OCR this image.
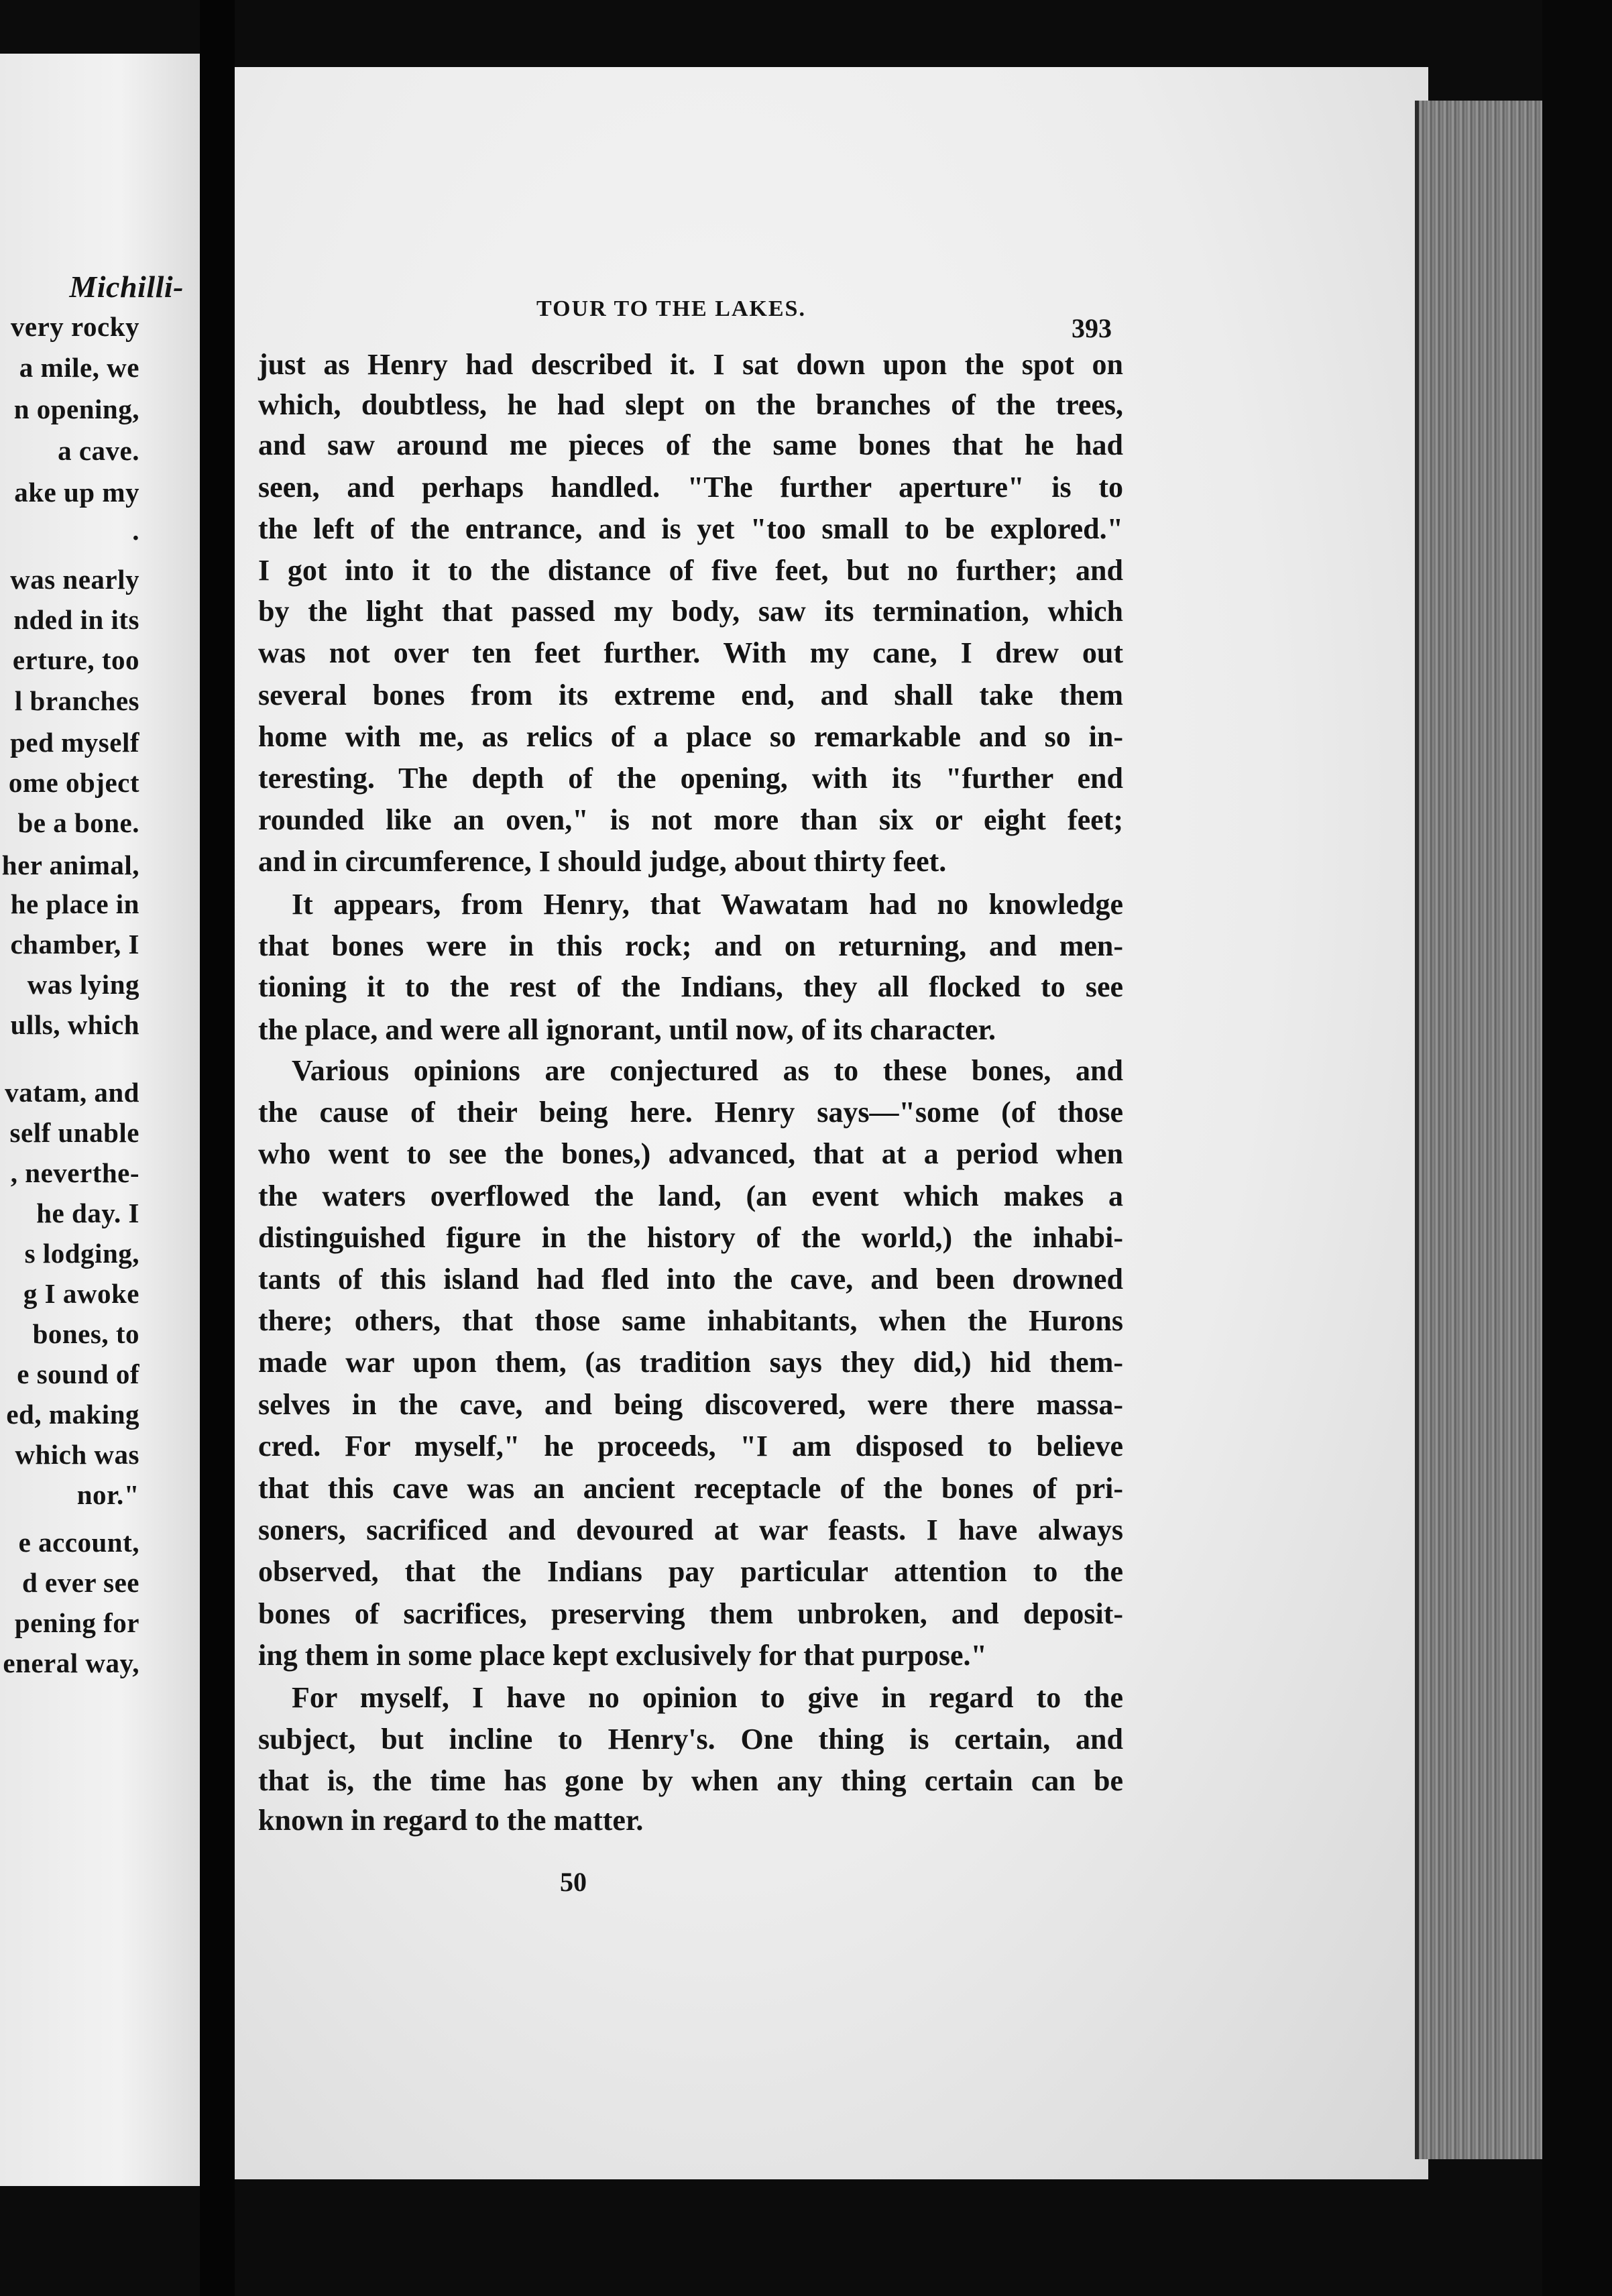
Michilli-
very rocky
a mile, we
n opening,
a cave.
ake up my
.
was nearly
nded in its
erture, too
l branches
ped myself
ome object
be a bone.
her animal,
he place in
chamber, I
was lying
ulls, which
vatam, and
self unable
, neverthe-
he day. I
s lodging,
g I awoke
bones, to
e sound of
ed, making
which was
nor."
e account,
d ever see
pening for
eneral way,
TOUR TO THE LAKES.
393
just as Henry had described it. I sat down upon the spot on
which, doubtless, he had slept on the branches of the trees,
and saw around me pieces of the same bones that he had
seen, and perhaps handled. "The further aperture" is to
the left of the entrance, and is yet "too small to be explored."
I got into it to the distance of five feet, but no further; and
by the light that passed my body, saw its termination, which
was not over ten feet further. With my cane, I drew out
several bones from its extreme end, and shall take them
home with me, as relics of a place so remarkable and so in-
teresting. The depth of the opening, with its "further end
rounded like an oven," is not more than six or eight feet;
and in circumference, I should judge, about thirty feet.
It appears, from Henry, that Wawatam had no knowledge
that bones were in this rock; and on returning, and men-
tioning it to the rest of the Indians, they all flocked to see
the place, and were all ignorant, until now, of its character.
Various opinions are conjectured as to these bones, and
the cause of their being here. Henry says—"some (of those
who went to see the bones,) advanced, that at a period when
the waters overflowed the land, (an event which makes a
distinguished figure in the history of the world,) the inhabi-
tants of this island had fled into the cave, and been drowned
there; others, that those same inhabitants, when the Hurons
made war upon them, (as tradition says they did,) hid them-
selves in the cave, and being discovered, were there massa-
cred. For myself," he proceeds, "I am disposed to believe
that this cave was an ancient receptacle of the bones of pri-
soners, sacrificed and devoured at war feasts. I have always
observed, that the Indians pay particular attention to the
bones of sacrifices, preserving them unbroken, and deposit-
ing them in some place kept exclusively for that purpose."
For myself, I have no opinion to give in regard to the
subject, but incline to Henry's. One thing is certain, and
that is, the time has gone by when any thing certain can be
known in regard to the matter.
50
